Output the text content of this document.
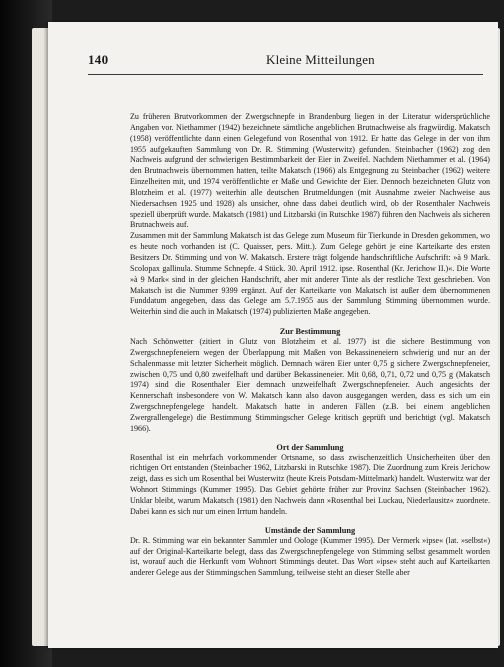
140	Kleine Mitteilungen

Zu früheren Brutvorkommen der Zwergschnepfe in Brandenburg liegen in der Literatur widersprüchliche Angaben vor. Niethammer (1942) bezeichnete sämtliche angeblichen Brutnachweise als fragwürdig. Makatsch (1958) veröffentlichte dann einen Gelegefund von Rosenthal von 1912. Er hatte das Gelege in der von ihm 1955 aufgekauften Sammlung von Dr. R. Stimming (Wusterwitz) gefunden. Steinbacher (1962) zog den Nachweis aufgrund der schwierigen Bestimmbarkeit der Eier in Zweifel. Nachdem Niethammer et al. (1964) den Brutnachweis übernommen hatten, teilte Makatsch (1966) als Entgegnung zu Steinbacher (1962) weitere Einzelheiten mit, und 1974 veröffentlichte er Maße und Gewichte der Eier. Dennoch bezeichneten Glutz von Blotzheim et al. (1977) weiterhin alle deutschen Brutmeldungen (mit Ausnahme zweier Nachweise aus Niedersachsen 1925 und 1928) als unsicher, ohne dass dabei deutlich wird, ob der Rosenthaler Nachweis speziell überprüft wurde. Makatsch (1981) und Litzbarski (in Rutschke 1987) führen den Nachweis als sicheren Brutnachweis auf.

Zusammen mit der Sammlung Makatsch ist das Gelege zum Museum für Tierkunde in Dresden gekommen, wo es heute noch vorhanden ist (C. Quaisser, pers. Mitt.). Zum Gelege gehört je eine Karteikarte des ersten Besitzers Dr. Stimming und von W. Makatsch. Erstere trägt folgende handschriftliche Aufschrift: »à 9 Mark. Scolopax gallinula. Stumme Schnepfe. 4 Stück. 30. April 1912. ipse. Rosenthal (Kr. Jerichow II.)«. Die Worte »à 9 Mark« sind in der gleichen Handschrift, aber mit anderer Tinte als der restliche Text geschrieben. Von Makatsch ist die Nummer 9399 ergänzt. Auf der Karteikarte von Makatsch ist außer dem übernommenen Funddatum angegeben, dass das Gelege am 5.7.1955 aus der Sammlung Stimming übernommen wurde. Weiterhin sind die auch in Makatsch (1974) publizierten Maße angegeben.

Zur Bestimmung

Nach Schönwetter (zitiert in Glutz von Blotzheim et al. 1977) ist die sichere Bestimmung von Zwergschnepfeneiern wegen der Überlappung mit Maßen von Bekassineneiern schwierig und nur an der Schalenmasse mit letzter Sicherheit möglich. Demnach wären Eier unter 0,75 g sichere Zwergschnepfeneier, zwischen 0,75 und 0,80 zweifelhaft und darüber Bekassineneier. Mit 0,68, 0,71, 0,72 und 0,75 g (Makatsch 1974) sind die Rosenthaler Eier demnach unzweifelhaft Zwergschnepfeneier. Auch angesichts der Kennerschaft insbesondere von W. Makatsch kann also davon ausgegangen werden, dass es sich um ein Zwergschnepfengelege handelt. Makatsch hatte in anderen Fällen (z.B. bei einem angeblichen Zwergrallengelege) die Bestimmung Stimmingscher Gelege kritisch geprüft und berichtigt (vgl. Makatsch 1966).

Ort der Sammlung

Rosenthal ist ein mehrfach vorkommender Ortsname, so dass zwischenzeitlich Unsicherheiten über den richtigen Ort entstanden (Steinbacher 1962, Litzbarski in Rutschke 1987). Die Zuordnung zum Kreis Jerichow zeigt, dass es sich um Rosenthal bei Wusterwitz (heute Kreis Potsdam-Mittelmark) handelt. Wusterwitz war der Wohnort Stimmings (Kummer 1995). Das Gebiet gehörte früher zur Provinz Sachsen (Steinbacher 1962). Unklar bleibt, warum Makatsch (1981) den Nachweis dann »Rosenthal bei Luckau, Niederlausitz« zuordnete. Dabei kann es sich nur um einen Irrtum handeln.

Umstände der Sammlung

Dr. R. Stimming war ein bekannter Sammler und Oologe (Kummer 1995). Der Vermerk »ipse« (lat. »selbst«) auf der Original-Karteikarte belegt, dass das Zwergschnepfengelege von Stimming selbst gesammelt worden ist, worauf auch die Herkunft vom Wohnort Stimmings deutet. Das Wort »ipse« steht auch auf Karteikarten anderer Gelege aus der Stimmingschen Sammlung, teilweise steht an dieser Stelle aber
